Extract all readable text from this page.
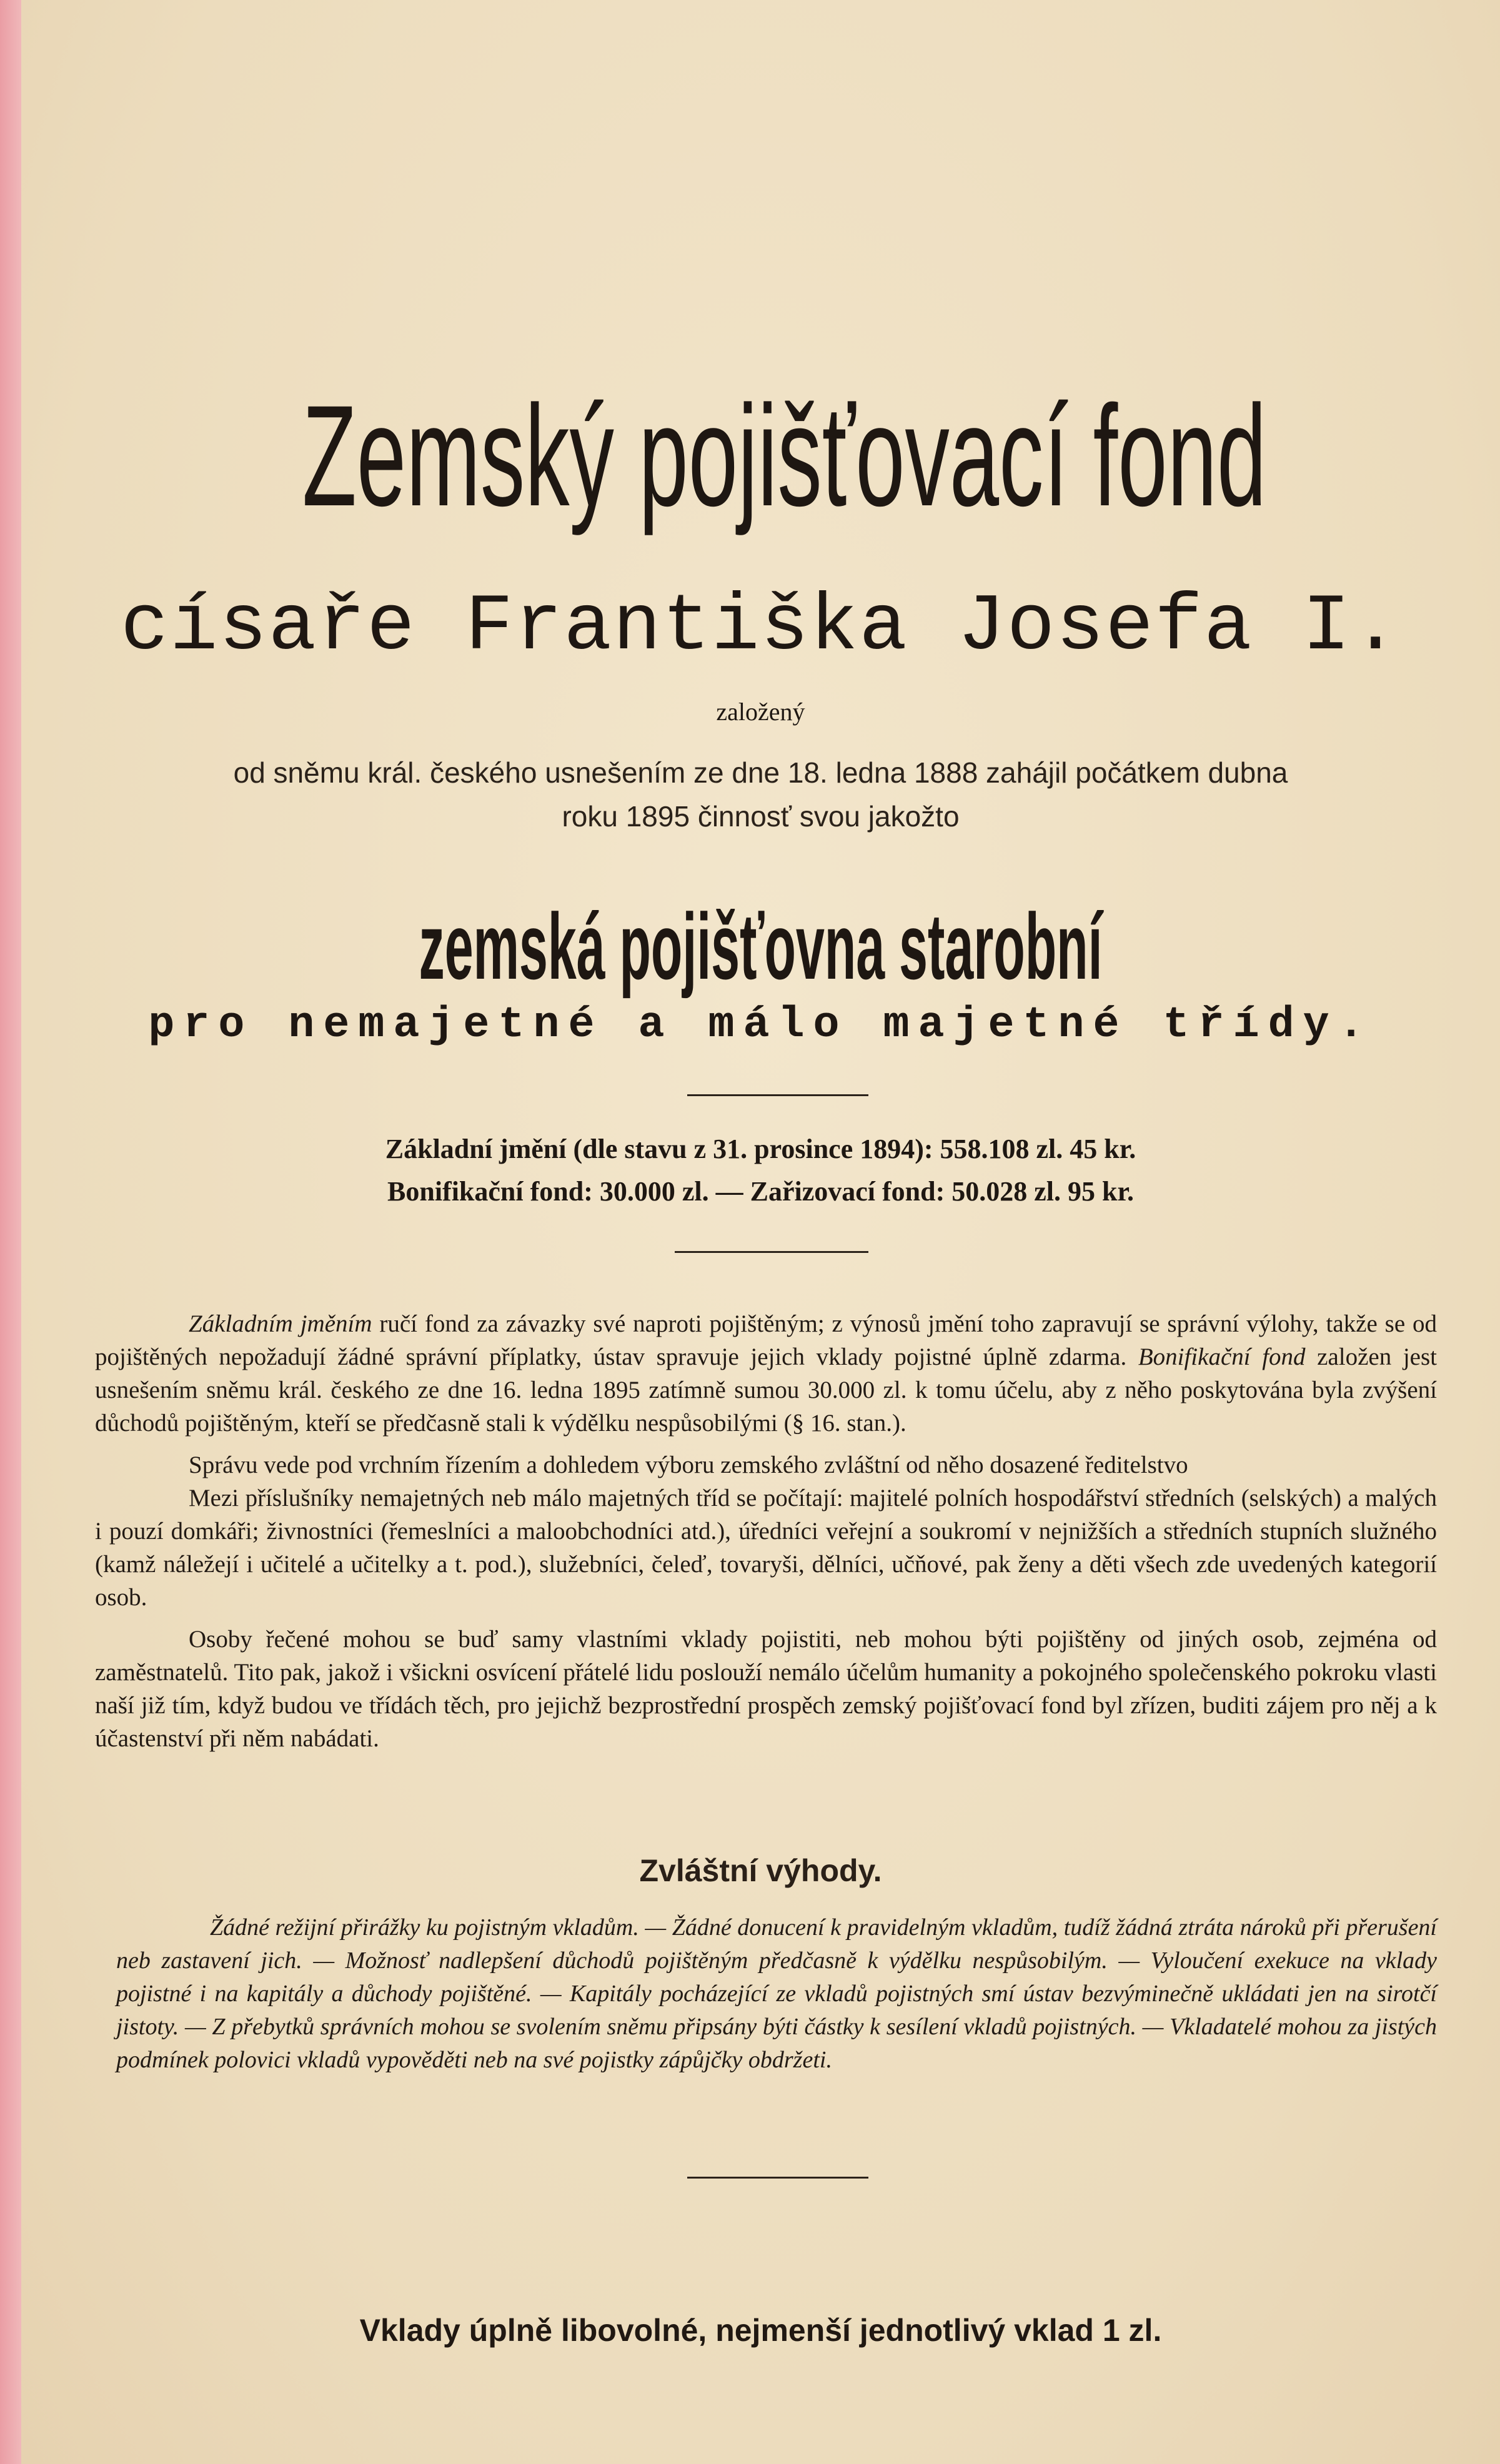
Zemský pojišťovací fond
císaře Františka Josefa I.
založený
od sněmu král. českého usnešením ze dne 18. ledna 1888 zahájil počátkem dubna
roku 1895 činnosť svou jakožto
zemská pojišťovna starobní
pro nemajetné a málo majetné třídy.
Základní jmění (dle stavu z 31. prosince 1894): 558.108 zl. 45 kr.
Bonifikační fond: 30.000 zl. — Zařizovací fond: 50.028 zl. 95 kr.

Základním jměním ručí fond za závazky své naproti pojištěným; z výnosů jmění toho zapravují se správní výlohy, takže se od pojištěných nepožadují žádné správní příplatky, ústav spravuje jejich vklady pojistné úplně zdarma. Bonifikační fond založen jest usnešením sněmu král. českého ze dne 16. ledna 1895 zatímně sumou 30.000 zl. k tomu účelu, aby z něho poskytována byla zvýšení důchodů pojištěným, kteří se předčasně stali k výdělku nespůsobilými (§ 16. stan.).

Správu vede pod vrchním řízením a dohledem výboru zemského zvláštní od něho dosazené ředitelstvo

Mezi příslušníky nemajetných neb málo majetných tříd se počítají: majitelé polních hospodářství středních (selských) a malých i pouzí domkáři; živnostníci (řemeslníci a maloobchodníci atd.), úředníci veřejní a soukromí v nejnižších a středních stupních služného (kamž náležejí i učitelé a učitelky a t. pod.), služebníci, čeleď, tovaryši, dělníci, učňové, pak ženy a děti všech zde uvedených kategorií osob.

Osoby řečené mohou se buď samy vlastními vklady pojistiti, neb mohou býti pojištěny od jiných osob, zejména od zaměstnatelů. Tito pak, jakož i všickni osvícení přátelé lidu poslouží nemálo účelům humanity a pokojného společenského pokroku vlasti naší již tím, když budou ve třídách těch, pro jejichž bezprostřední prospěch zemský pojišťovací fond byl zřízen, buditi zájem pro něj a k účastenství při něm nabádati.

Zvláštní výhody.
Žádné režijní přirážky ku pojistným vkladům. — Žádné donucení k pravidelným vkladům, tudíž žádná ztráta nároků při přerušení neb zastavení jich. — Možnosť nadlepšení důchodů pojištěným předčasně k výdělku nespůsobilým. — Vyloučení exekuce na vklady pojistné i na kapitály a důchody pojištěné. — Kapitály pocházející ze vkladů pojistných smí ústav bezvýminečně ukládati jen na sirotčí jistoty. — Z přebytků správních mohou se svolením sněmu připsány býti částky k sesílení vkladů pojistných. — Vkladatelé mohou za jistých podmínek polovici vkladů vypověděti neb na své pojistky zápůjčky obdržeti.
Vklady úplně libovolné, nejmenší jednotlivý vklad 1 zl.
